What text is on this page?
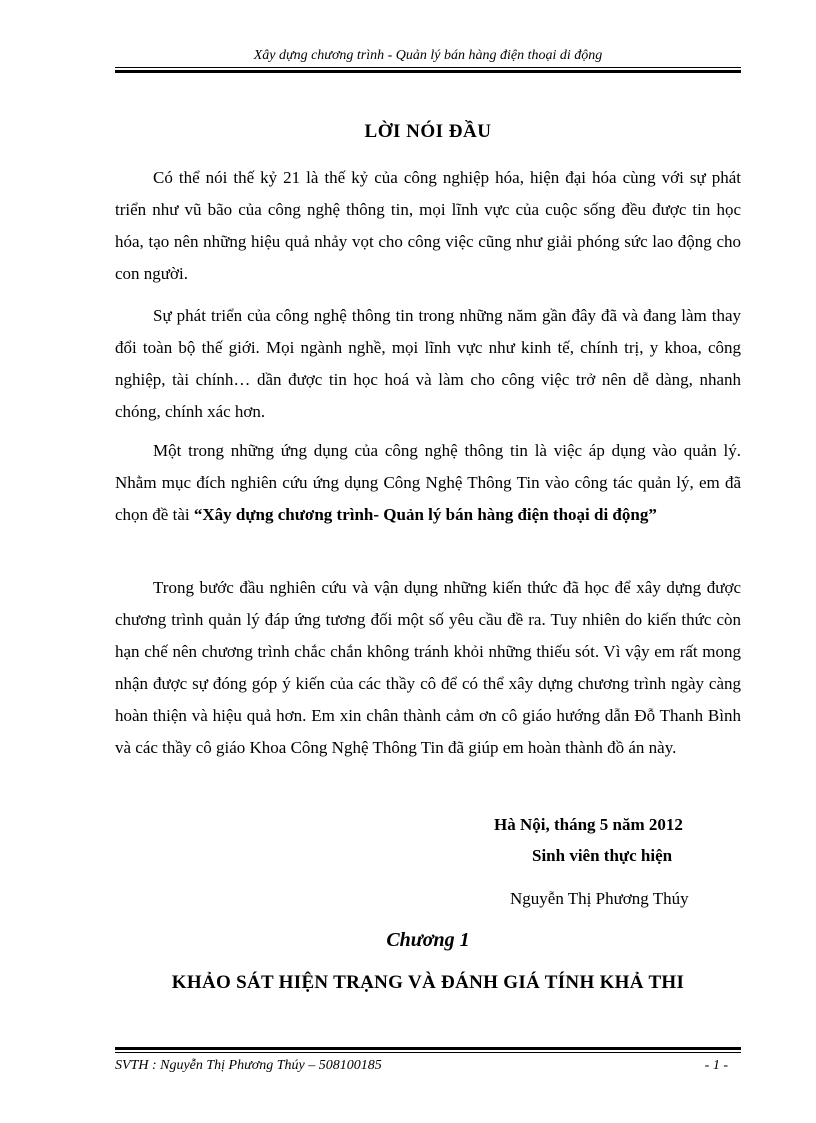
Xây dựng chương trình - Quản lý bán hàng điện thoại di động
LỜI NÓI ĐẦU

Có thể nói thế kỷ 21 là thế kỷ của công nghiệp hóa, hiện đại hóa cùng với sự phát triển như vũ bão của công nghệ thông tin, mọi lĩnh vực của cuộc sống đều được tin học hóa, tạo nên những hiệu quả nhảy vọt cho công việc cũng như giải phóng sức lao động cho con người.

Sự phát triển của công nghệ thông tin trong những năm gần đây đã và đang làm thay đổi toàn bộ thế giới. Mọi ngành nghề, mọi lĩnh vực như kinh tế, chính trị, y khoa, công nghiệp, tài chính… dần được tin học hoá và làm cho công việc trở nên dễ dàng, nhanh chóng, chính xác hơn.

Một trong những ứng dụng của công nghệ thông tin là việc áp dụng vào quản lý. Nhằm mục đích nghiên cứu ứng dụng Công Nghệ Thông Tin vào công tác quản lý, em đã chọn đề tài “Xây dựng chương trình- Quản lý bán hàng điện thoại di động”

Trong bước đầu nghiên cứu và vận dụng những kiến thức đã học để xây dựng được chương trình quản lý đáp ứng tương đối một số yêu cầu đề ra. Tuy nhiên do kiến thức còn hạn chế nên chương trình chắc chắn không tránh khỏi những thiếu sót. Vì vậy em rất mong nhận được sự đóng góp ý kiến của các thầy cô để có thể xây dựng chương trình ngày càng hoàn thiện và hiệu quả hơn. Em xin chân thành cảm ơn cô giáo hướng dẫn Đỗ Thanh Bình và các thầy cô giáo Khoa Công Nghệ Thông Tin đã giúp em hoàn thành đồ án này.

Hà Nội, tháng 5 năm 2012
Sinh viên thực hiện
Nguyễn Thị Phương Thúy
Chương 1
KHẢO SÁT HIỆN TRẠNG VÀ ĐÁNH GIÁ TÍNH KHẢ THI
SVTH : Nguyễn Thị Phương Thúy – 508100185	- 1 -
